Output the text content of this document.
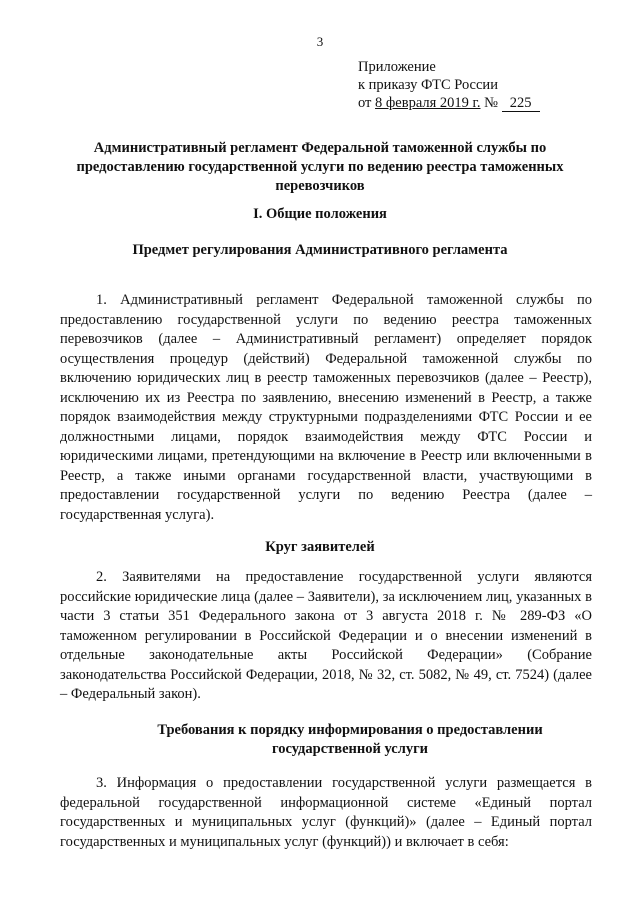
3
Приложение
к приказу ФТС России
от 8 февраля 2019 г. № 225
Административный регламент Федеральной таможенной службы по предоставлению государственной услуги по ведению реестра таможенных перевозчиков
I. Общие положения
Предмет регулирования Административного регламента
1. Административный регламент Федеральной таможенной службы по предоставлению государственной услуги по ведению реестра таможенных перевозчиков (далее – Административный регламент) определяет порядок осуществления процедур (действий) Федеральной таможенной службы по включению юридических лиц в реестр таможенных перевозчиков (далее – Реестр), исключению их из Реестра по заявлению, внесению изменений в Реестр, а также порядок взаимодействия между структурными подразделениями ФТС России и ее должностными лицами, порядок взаимодействия между ФТС России и юридическими лицами, претендующими на включение в Реестр или включенными в Реестр, а также иными органами государственной власти, участвующими в предоставлении государственной услуги по ведению Реестра (далее – государственная услуга).
Круг заявителей
2. Заявителями на предоставление государственной услуги являются российские юридические лица (далее – Заявители), за исключением лиц, указанных в части 3 статьи 351 Федерального закона от 3 августа 2018 г. № 289-ФЗ «О таможенном регулировании в Российской Федерации и о внесении изменений в отдельные законодательные акты Российской Федерации» (Собрание законодательства Российской Федерации, 2018, № 32, ст. 5082, № 49, ст. 7524) (далее – Федеральный закон).
Требования к порядку информирования о предоставлении государственной услуги
3. Информация о предоставлении государственной услуги размещается в федеральной государственной информационной системе «Единый портал государственных и муниципальных услуг (функций)» (далее – Единый портал государственных и муниципальных услуг (функций)) и включает в себя:
